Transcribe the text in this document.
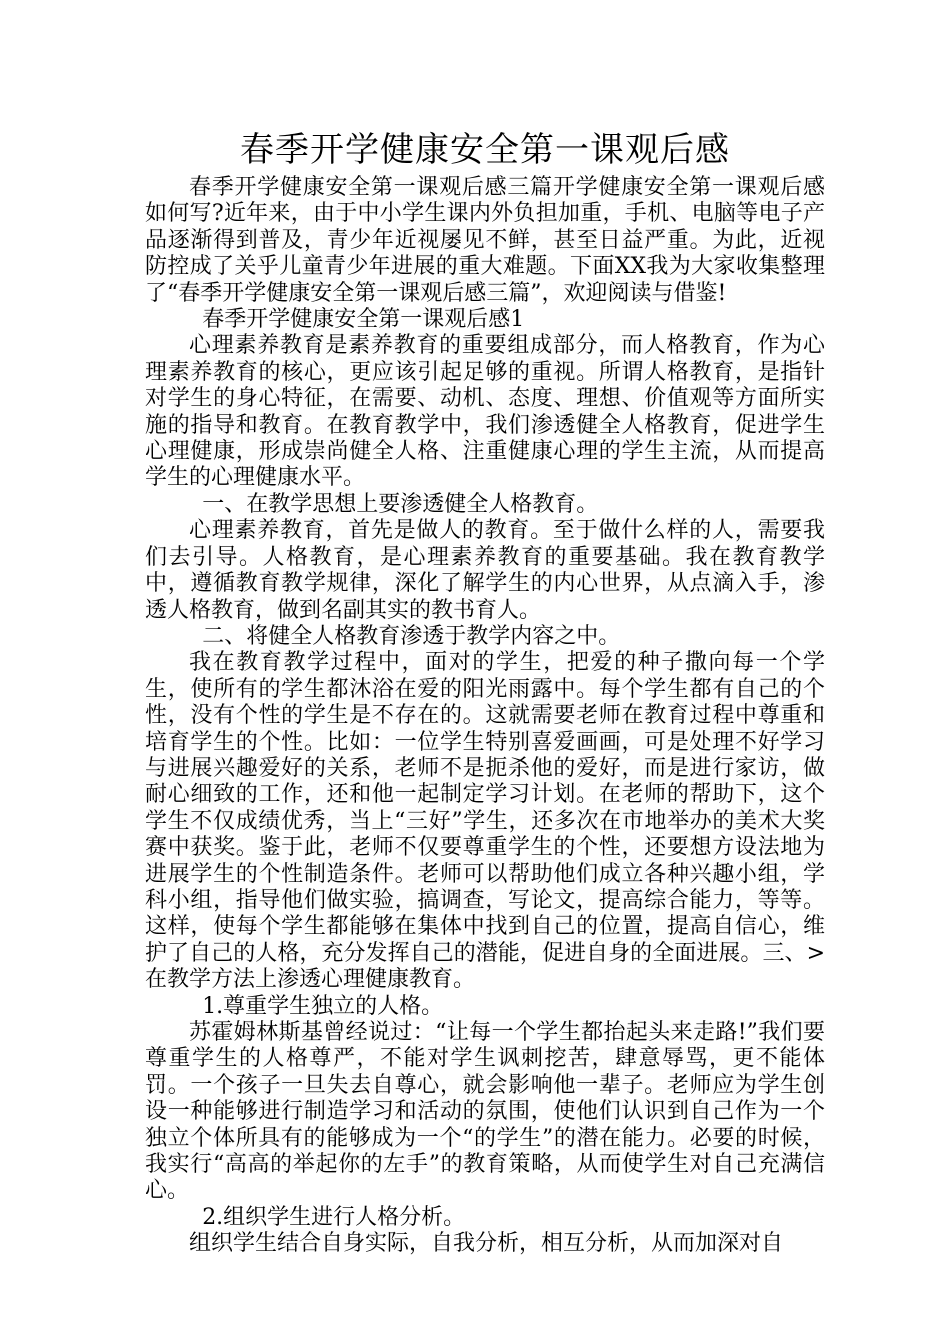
春季开学健康安全第一课观后感

春季开学健康安全第一课观后感三篇开学健康安全第一课观后感如何写?近年来，由于中小学生课内外负担加重，手机、电脑等电子产品逐渐得到普及，青少年近视屡见不鲜，甚至日益严重。为此，近视防控成了关乎儿童青少年进展的重大难题。下面XX我为大家收集整理了“春季开学健康安全第一课观后感三篇”，欢迎阅读与借鉴!

春季开学健康安全第一课观后感1

心理素养教育是素养教育的重要组成部分，而人格教育，作为心理素养教育的核心，更应该引起足够的重视。所谓人格教育，是指针对学生的身心特征，在需要、动机、态度、理想、价值观等方面所实施的指导和教育。在教育教学中，我们渗透健全人格教育，促进学生心理健康，形成崇尚健全人格、注重健康心理的学生主流，从而提高学生的心理健康水平。

一、在教学思想上要渗透健全人格教育。

心理素养教育，首先是做人的教育。至于做什么样的人，需要我们去引导。人格教育，是心理素养教育的重要基础。我在教育教学中，遵循教育教学规律，深化了解学生的内心世界，从点滴入手，渗透人格教育，做到名副其实的教书育人。

二、将健全人格教育渗透于教学内容之中。

我在教育教学过程中，面对的学生，把爱的种子撒向每一个学生，使所有的学生都沐浴在爱的阳光雨露中。每个学生都有自己的个性，没有个性的学生是不存在的。这就需要老师在教育过程中尊重和培育学生的个性。比如：一位学生特别喜爱画画，可是处理不好学习与进展兴趣爱好的关系，老师不是扼杀他的爱好，而是进行家访，做耐心细致的工作，还和他一起制定学习计划。在老师的帮助下，这个学生不仅成绩优秀，当上“三好”学生，还多次在市地举办的美术大奖赛中获奖。鉴于此，老师不仅要尊重学生的个性，还要想方设法地为进展学生的个性制造条件。老师可以帮助他们成立各种兴趣小组，学科小组，指导他们做实验，搞调查，写论文，提高综合能力，等等。这样，使每个学生都能够在集体中找到自己的位置，提高自信心，维护了自己的人格，充分发挥自己的潜能，促进自身的全面进展。三、>在教学方法上渗透心理健康教育。

1.尊重学生独立的人格。

苏霍姆林斯基曾经说过：“让每一个学生都抬起头来走路!”我们要尊重学生的人格尊严，不能对学生讽刺挖苦，肆意辱骂，更不能体罚。一个孩子一旦失去自尊心，就会影响他一辈子。老师应为学生创设一种能够进行制造学习和活动的氛围，使他们认识到自己作为一个独立个体所具有的能够成为一个“的学生”的潜在能力。必要的时候，我实行“高高的举起你的左手”的教育策略，从而使学生对自己充满信心。

2.组织学生进行人格分析。

组织学生结合自身实际，自我分析，相互分析，从而加深对自
